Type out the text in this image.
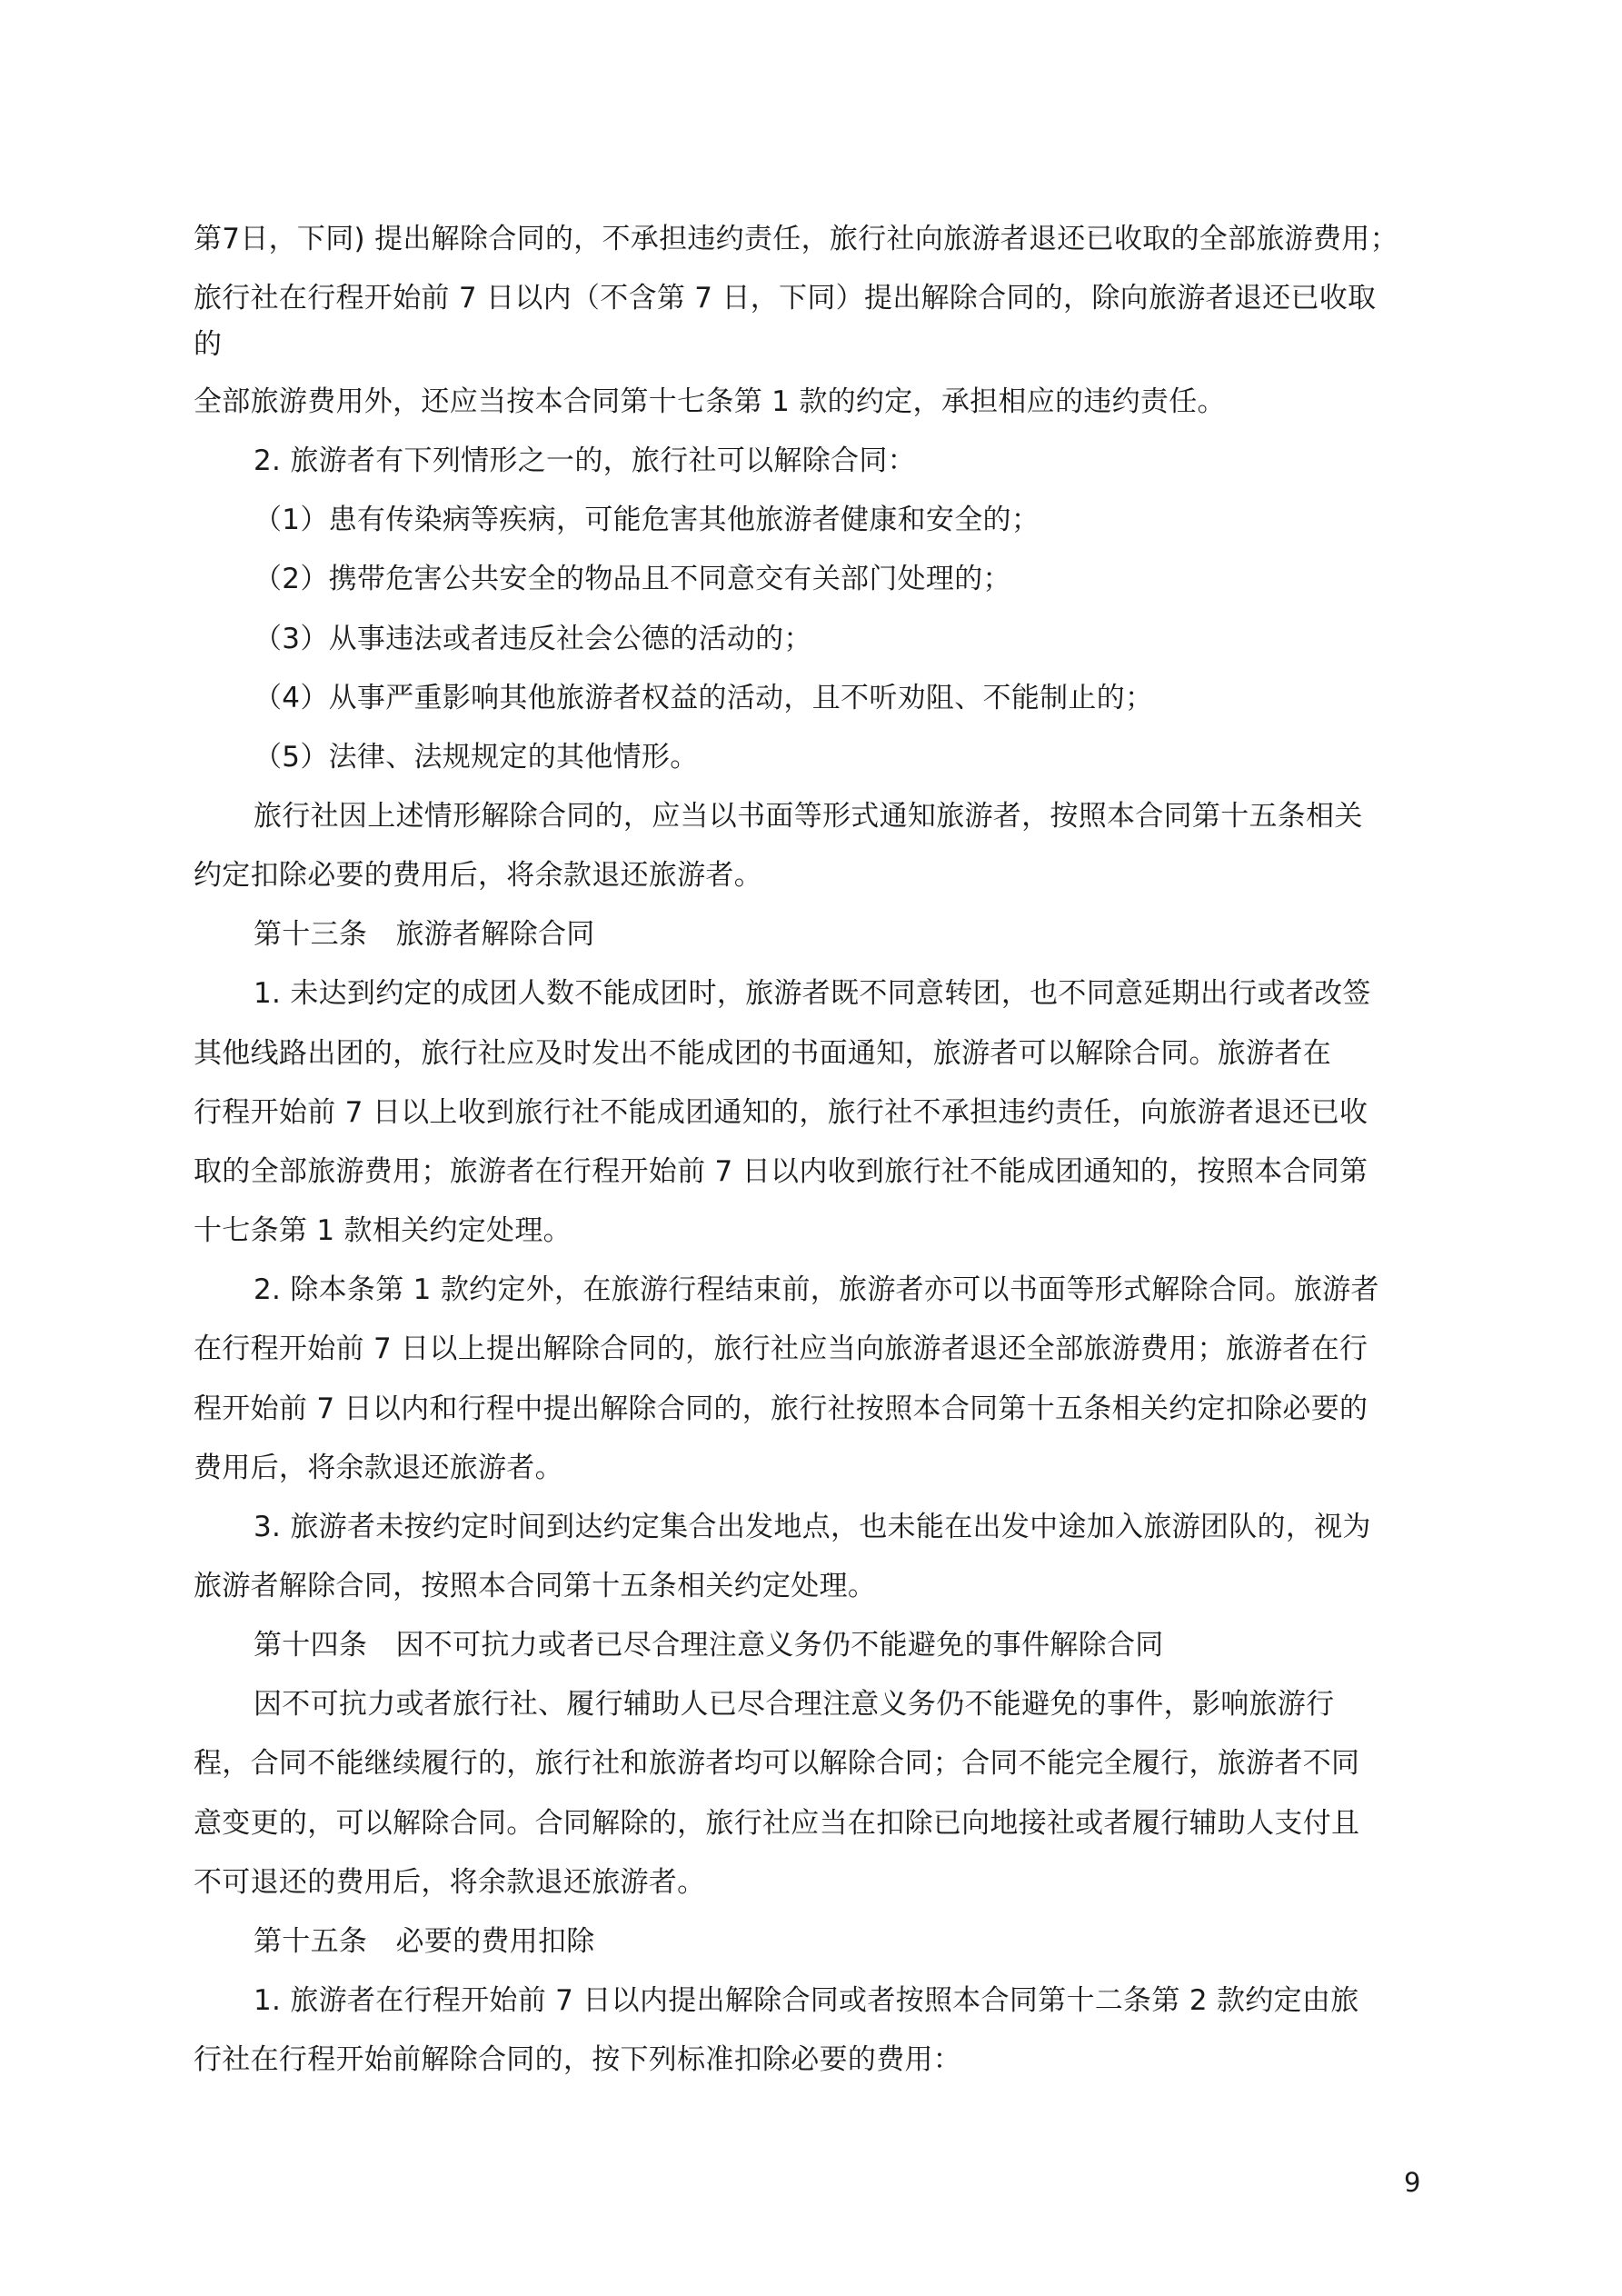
第7日，下同) 提出解除合同的，不承担违约责任，旅行社向旅游者退还已收取的全部旅游费用；
旅行社在行程开始前 7 日以内（不含第 7 日，下同）提出解除合同的，除向旅游者退还已收取
的
全部旅游费用外，还应当按本合同第十七条第 1 款的约定，承担相应的违约责任。
2. 旅游者有下列情形之一的，旅行社可以解除合同：
（1）患有传染病等疾病，可能危害其他旅游者健康和安全的；
（2）携带危害公共安全的物品且不同意交有关部门处理的；
（3）从事违法或者违反社会公德的活动的；
（4）从事严重影响其他旅游者权益的活动，且不听劝阻、不能制止的；
（5）法律、法规规定的其他情形。
旅行社因上述情形解除合同的，应当以书面等形式通知旅游者，按照本合同第十五条相关
约定扣除必要的费用后，将余款退还旅游者。
第十三条　旅游者解除合同
1. 未达到约定的成团人数不能成团时，旅游者既不同意转团，也不同意延期出行或者改签
其他线路出团的，旅行社应及时发出不能成团的书面通知，旅游者可以解除合同。旅游者在
行程开始前 7 日以上收到旅行社不能成团通知的，旅行社不承担违约责任，向旅游者退还已收
取的全部旅游费用；旅游者在行程开始前 7 日以内收到旅行社不能成团通知的，按照本合同第
十七条第 1 款相关约定处理。
2. 除本条第 1 款约定外，在旅游行程结束前，旅游者亦可以书面等形式解除合同。旅游者
在行程开始前 7 日以上提出解除合同的，旅行社应当向旅游者退还全部旅游费用；旅游者在行
程开始前 7 日以内和行程中提出解除合同的，旅行社按照本合同第十五条相关约定扣除必要的
费用后，将余款退还旅游者。
3. 旅游者未按约定时间到达约定集合出发地点，也未能在出发中途加入旅游团队的，视为
旅游者解除合同，按照本合同第十五条相关约定处理。
第十四条　因不可抗力或者已尽合理注意义务仍不能避免的事件解除合同
因不可抗力或者旅行社、履行辅助人已尽合理注意义务仍不能避免的事件，影响旅游行
程，合同不能继续履行的，旅行社和旅游者均可以解除合同；合同不能完全履行，旅游者不同
意变更的，可以解除合同。合同解除的，旅行社应当在扣除已向地接社或者履行辅助人支付且
不可退还的费用后，将余款退还旅游者。
第十五条　必要的费用扣除
1. 旅游者在行程开始前 7 日以内提出解除合同或者按照本合同第十二条第 2 款约定由旅
行社在行程开始前解除合同的，按下列标准扣除必要的费用：
9
